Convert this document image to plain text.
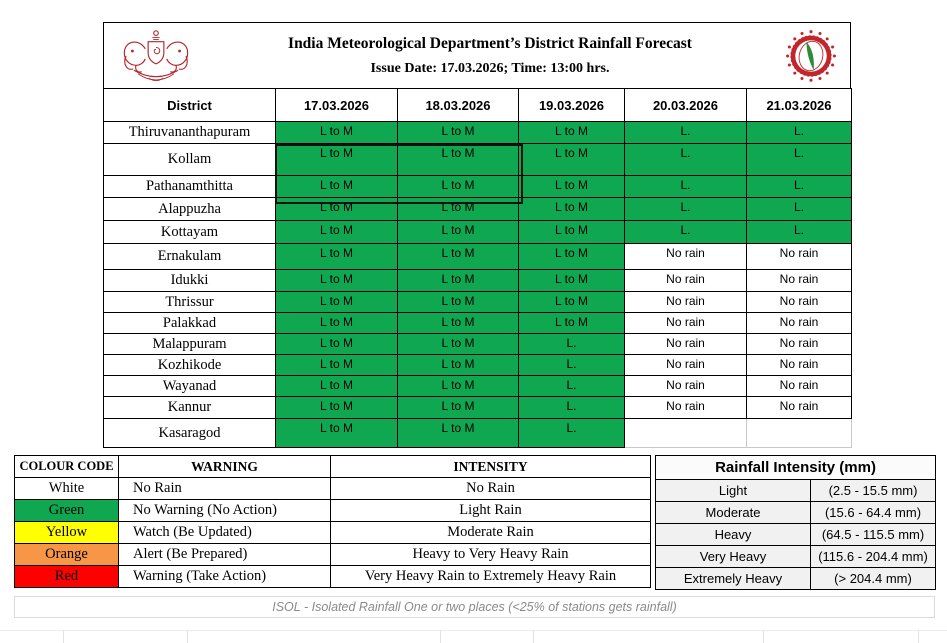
India Meteorological Department’s District Rainfall Forecast
Issue Date: 17.03.2026; Time: 13:00 hrs.
District	17.03.2026	18.03.2026	19.03.2026	20.03.2026	21.03.2026
Thiruvananthapuram	L to M	L to M	L to M	L.	L.
Kollam	L to M	L to M	L to M	L.	L.
Pathanamthitta	L to M	L to M	L to M	L.	L.
Alappuzha	L to M	L to M	L to M	L.	L.
Kottayam	L to M	L to M	L to M	L.	L.
Ernakulam	L to M	L to M	L to M	No rain	No rain
Idukki	L to M	L to M	L to M	No rain	No rain
Thrissur	L to M	L to M	L to M	No rain	No rain
Palakkad	L to M	L to M	L to M	No rain	No rain
Malappuram	L to M	L to M	L.	No rain	No rain
Kozhikode	L to M	L to M	L.	No rain	No rain
Wayanad	L to M	L to M	L.	No rain	No rain
Kannur	L to M	L to M	L.	No rain	No rain
Kasaragod	L to M	L to M	L.		
COLOUR CODE	WARNING	INTENSITY
White	No Rain	No Rain
Green	No Warning (No Action)	Light Rain
Yellow	Watch (Be Updated)	Moderate Rain
Orange	Alert (Be Prepared)	Heavy to Very Heavy Rain
Red	Warning (Take Action)	Very Heavy Rain to Extremely Heavy Rain
Rainfall Intensity (mm)	
Light	(2.5 - 15.5 mm)
Moderate	(15.6 - 64.4 mm)
Heavy	(64.5 - 115.5 mm)
Very Heavy	(115.6 - 204.4 mm)
Extremely Heavy	(> 204.4 mm)
ISOL - Isolated Rainfall One or two places (<25% of stations gets rainfall)
